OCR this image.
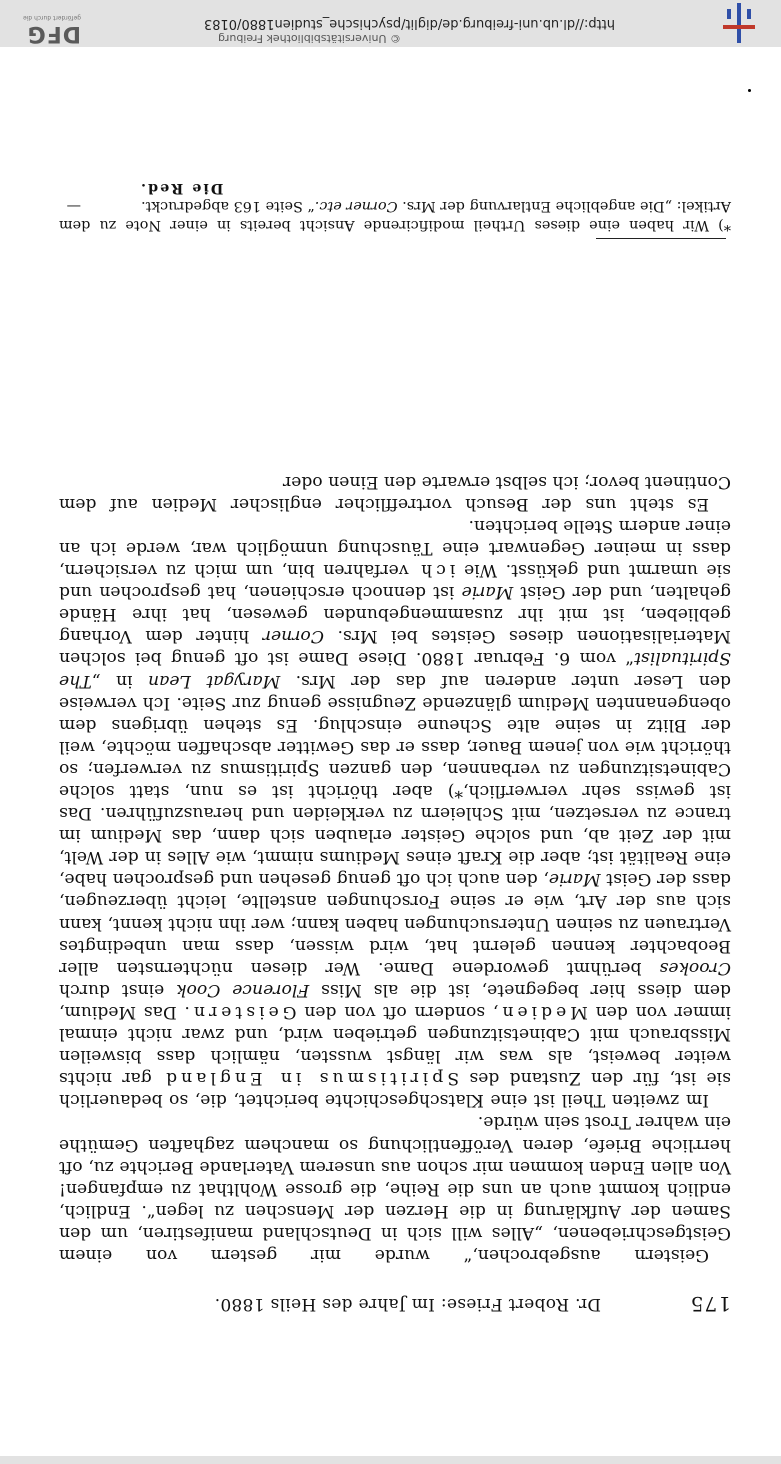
175
Dr. Robert Friese: Im Jahre des Heils 1880.

Geistern ausgebrochen,“ wurde mir gestern von einem Geistgeschriebenen, „Alles will sich in Deutschland manifestiren, um den Samen der Aufklärung in die Herzen der Menschen zu legen“. Endlich, endlich kommt auch an uns die Reihe, die grosse Wohlthat zu empfangen! Von allen Enden kommen mir schon aus unserem Vaterlande Berichte zu, oft herrliche Briefe, deren Veröffentlichung so manchem zaghaften Gemüthe ein wahrer Trost sein würde.

Im zweiten Theil ist eine Klatschgeschichte berichtet, die, so bedauerlich sie ist, für den Zustand des Spiritismus in England gar nichts weiter beweist, als was wir längst wussten, nämlich dass bisweilen Missbrauch mit Cabinetsitzungen getrieben wird, und zwar nicht einmal immer von den Medien, sondern oft von den Geistern. Das Medium, dem diess hier begegnete, ist die als Miss Florence Cook einst durch Crookes berühmt gewordene Dame. Wer diesen nüchternsten aller Beobachter kennen gelernt hat, wird wissen, dass man unbedingtes Vertrauen zu seinen Untersuchungen haben kann; wer ihn nicht kennt, kann sich aus der Art, wie er seine Forschungen anstellte, leicht überzeugen, dass der Geist Marie, den auch ich oft genug gesehen und gesprochen habe, eine Realität ist; aber die Kraft eines Mediums nimmt, wie Alles in der Welt, mit der Zeit ab, und solche Geister erlauben sich dann, das Medium im trance zu versetzen, mit Schleiern zu verkleiden und herauszuführen. Das ist gewiss sehr verwerflich,*) aber thöricht ist es nun, statt solche Cabinetsitzungen zu verbannen, den ganzen Spiritismus zu verwerfen; so thöricht wie von jenem Bauer, dass er das Gewitter abschaffen möchte, weil der Blitz in seine alte Scheune einschlug. Es stehen übrigens dem obengenannten Medium glänzende Zeugnisse genug zur Seite. Ich verweise den Leser unter anderen auf das der Mrs. Marygat Lean in „The Spiritualist“ vom 6. Februar 1880. Diese Dame ist oft genug bei solchen Materialisationen dieses Geistes bei Mrs. Corner hinter dem Vorhang geblieben, ist mit ihr zusammengebunden gewesen, hat ihre Hände gehalten, und der Geist Marie ist dennoch erschienen, hat gesprochen und sie umarmt und geküsst. Wie ich verfahren bin, um mich zu versichern, dass in meiner Gegenwart eine Täuschung unmöglich war, werde ich an einer andern Stelle berichten.

Es steht uns der Besuch vortrefflicher englischer Medien auf dem Continent bevor; ich selbst erwarte den Einen oder

*) Wir haben eine dieses Urtheil modificirende Ansicht bereits in einer Note zu dem Artikel: „Die angebliche Entlarvung der Mrs. Corner etc.“ Seite 163 abgedruckt.—
Die Red.

© Universitätsbibliothek Freiburg
http://dl.ub.uni-freiburg.de/diglit/psychische_studien1880/0183
DFG
gefördert durch die
